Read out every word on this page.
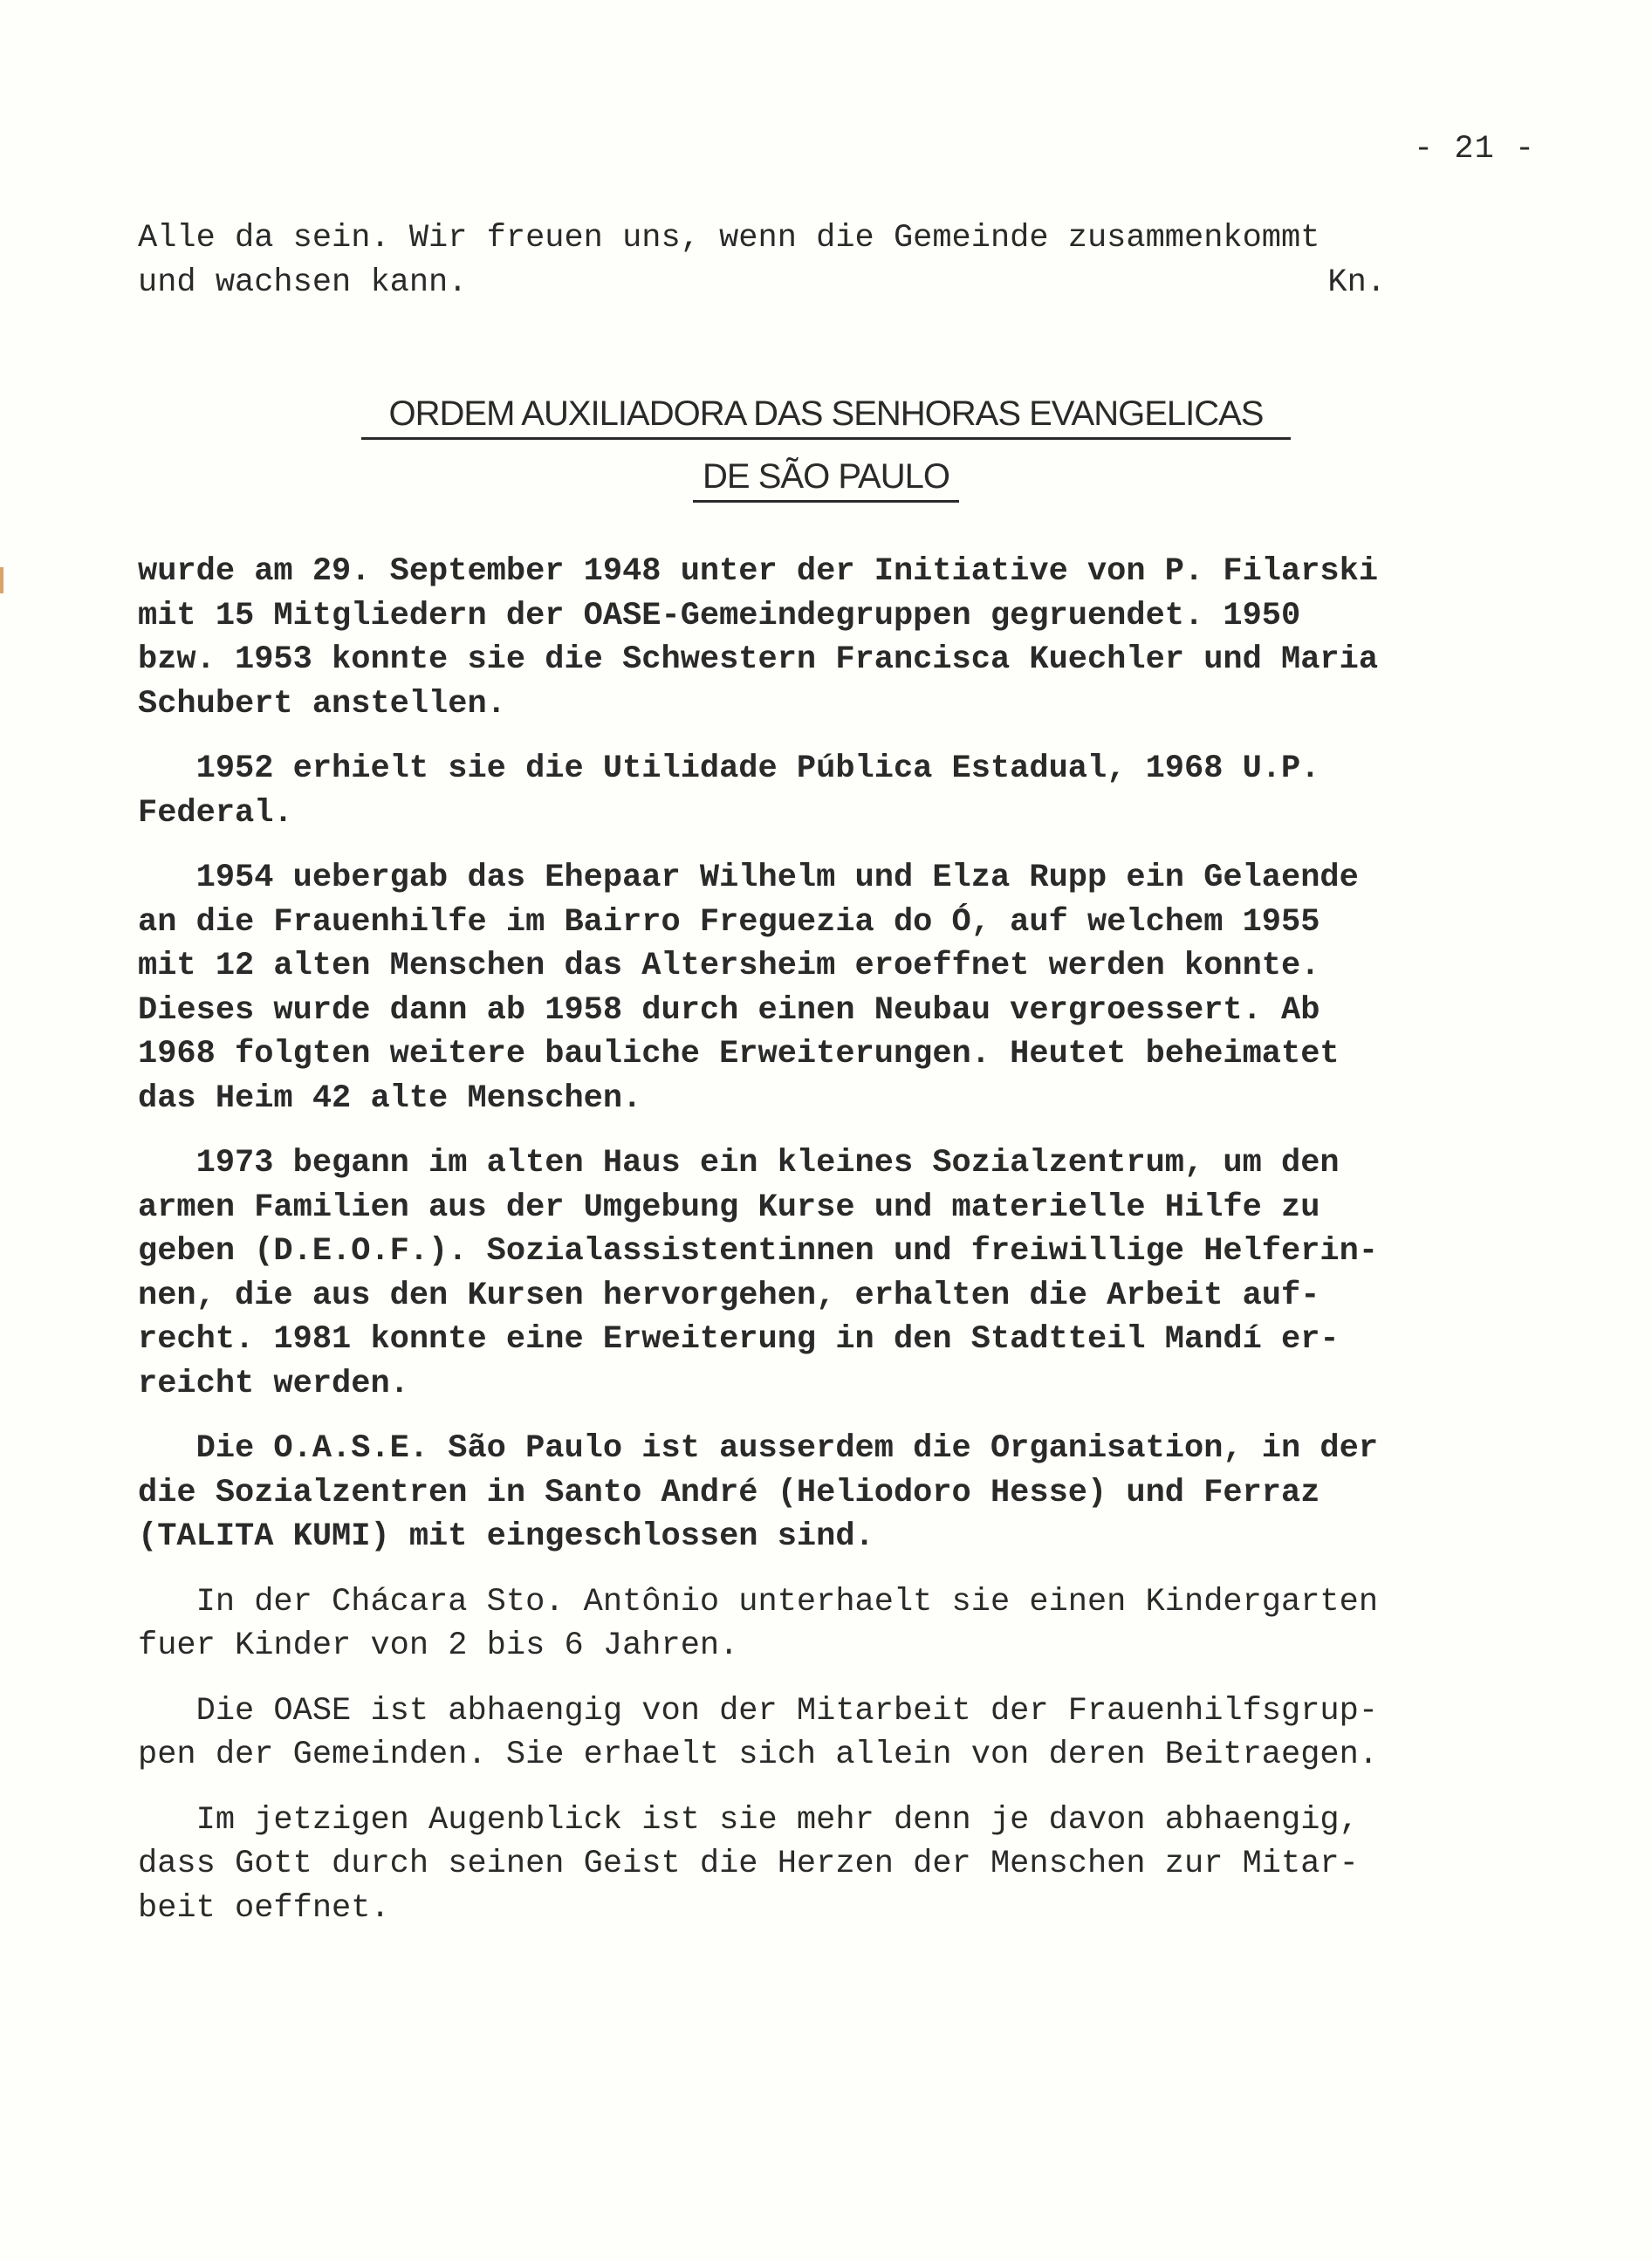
- 21 -
Alle da sein. Wir freuen uns, wenn die Gemeinde zusammenkommt
und wachsen kann.	Kn.
ORDEM AUXILIADORA DAS SENHORAS EVANGELICAS
DE SÃO PAULO
wurde am 29. September 1948 unter der Initiative von P. Filarski
mit 15 Mitgliedern der OASE-Gemeindegruppen gegruendet. 1950
bzw. 1953 konnte sie die Schwestern Francisca Kuechler und Maria
Schubert anstellen.
1952 erhielt sie die Utilidade Pública Estadual, 1968 U.P.
Federal.
1954 uebergab das Ehepaar Wilhelm und Elza Rupp ein Gelaende
an die Frauenhilfe im Bairro Freguezia do Ó, auf welchem 1955
mit 12 alten Menschen das Altersheim eroeffnet werden konnte.
Dieses wurde dann ab 1958 durch einen Neubau vergroessert. Ab
1968 folgten weitere bauliche Erweiterungen. Heutet beheimatet
das Heim 42 alte Menschen.
1973 begann im alten Haus ein kleines Sozialzentrum, um den
armen Familien aus der Umgebung Kurse und materielle Hilfe zu
geben (D.E.O.F.). Sozialassistentinnen und freiwillige Helferin-
nen, die aus den Kursen hervorgehen, erhalten die Arbeit auf-
recht. 1981 konnte eine Erweiterung in den Stadtteil Mandí er-
reicht werden.
Die O.A.S.E. São Paulo ist ausserdem die Organisation, in der
die Sozialzentren in Santo André (Heliodoro Hesse) und Ferraz
(TALITA KUMI) mit eingeschlossen sind.
In der Chácara Sto. Antônio unterhaelt sie einen Kindergarten
fuer Kinder von 2 bis 6 Jahren.
Die OASE ist abhaengig von der Mitarbeit der Frauenhilfsgrup-
pen der Gemeinden. Sie erhaelt sich allein von deren Beitraegen.
Im jetzigen Augenblick ist sie mehr denn je davon abhaengig,
dass Gott durch seinen Geist die Herzen der Menschen zur Mitar-
beit oeffnet.
